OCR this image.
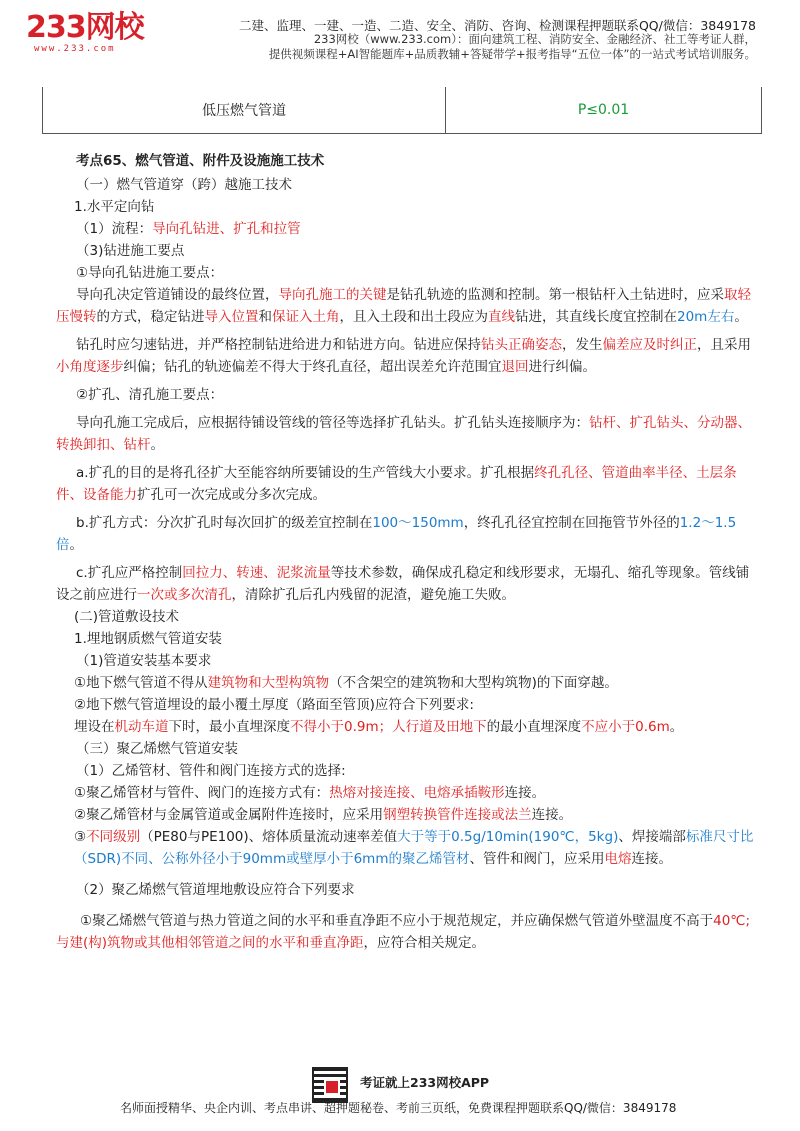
233网校
www.233.com
二建、监理、一建、一造、二造、安全、消防、咨询、检测课程押题联系QQ/微信：3849178
233网校（www.233.com）：面向建筑工程、消防安全、金融经济、社工等考证人群，
提供视频课程+AI智能题库+品质教辅+答疑带学+报考指导“五位一体”的一站式考试培训服务。
低压燃气管道	P≤0.01

考点65、燃气管道、附件及设施施工技术

（一）燃气管道穿（跨）越施工技术

1.水平定向钻

（1）流程：导向孔钻进、扩孔和拉管

（3)钻进施工要点

①导向孔钻进施工要点：

导向孔决定管道铺设的最终位置，导向孔施工的关键是钻孔轨迹的监测和控制。第一根钻杆入土钻进时，应采取轻压慢转的方式，稳定钻进导入位置和保证入土角，且入土段和出土段应为直线钻进，其直线长度宜控制在20m左右。

钻孔时应匀速钻进，并严格控制钻进给进力和钻进方向。钻进应保持钻头正确姿态，发生偏差应及时纠正，且采用小角度逐步纠偏；钻孔的轨迹偏差不得大于终孔直径，超出误差允许范围宜退回进行纠偏。

②扩孔、清孔施工要点：

导向孔施工完成后，应根据待铺设管线的管径等选择扩孔钻头。扩孔钻头连接顺序为：钻杆、扩孔钻头、分动器、转换卸扣、钻杆。

a.扩孔的目的是将孔径扩大至能容纳所要铺设的生产管线大小要求。扩孔根据终孔孔径、管道曲率半径、土层条件、设备能力扩孔可一次完成或分多次完成。

b.扩孔方式：分次扩孔时每次回扩的级差宜控制在100～150mm，终孔孔径宜控制在回拖管节外径的1.2～1.5倍。

c.扩孔应严格控制回拉力、转速、泥浆流量等技术参数，确保成孔稳定和线形要求，无塌孔、缩孔等现象。管线铺设之前应进行一次或多次清孔，清除扩孔后孔内残留的泥渣，避免施工失败。

(二)管道敷设技术

1.埋地钢质燃气管道安装

（1)管道安装基本要求

①地下燃气管道不得从建筑物和大型构筑物（不含架空的建筑物和大型构筑物)的下面穿越。

②地下燃气管道埋设的最小覆土厚度（路面至管顶)应符合下列要求:

埋设在机动车道下时，最小直埋深度不得小于0.9m；人行道及田地下的最小直埋深度不应小于0.6m。

（三）聚乙烯燃气管道安装

（1）乙烯管材、管件和阀门连接方式的选择:

①聚乙烯管材与管件、阀门的连接方式有：热熔对接连接、电熔承插鞍形连接。

②聚乙烯管材与金属管道或金属附件连接时，应采用钢塑转换管件连接或法兰连接。

③不同级别（PE80与PE100)、熔体质量流动速率差值大于等于0.5g/10min(190℃，5kg)、焊接端部标准尺寸比（SDR)不同、公称外径小于90mm或壁厚小于6mm的聚乙烯管材、管件和阀门，应采用电熔连接。

（2）聚乙烯燃气管道埋地敷设应符合下列要求

①聚乙烯燃气管道与热力管道之间的水平和垂直净距不应小于规范规定，并应确保燃气管道外壁温度不高于40℃;与建(构)筑物或其他相邻管道之间的水平和垂直净距，应符合相关规定。

考证就上233网校APP
名师面授精华、央企内训、考点串讲、超押题秘卷、考前三页纸，免费课程押题联系QQ/微信：3849178
